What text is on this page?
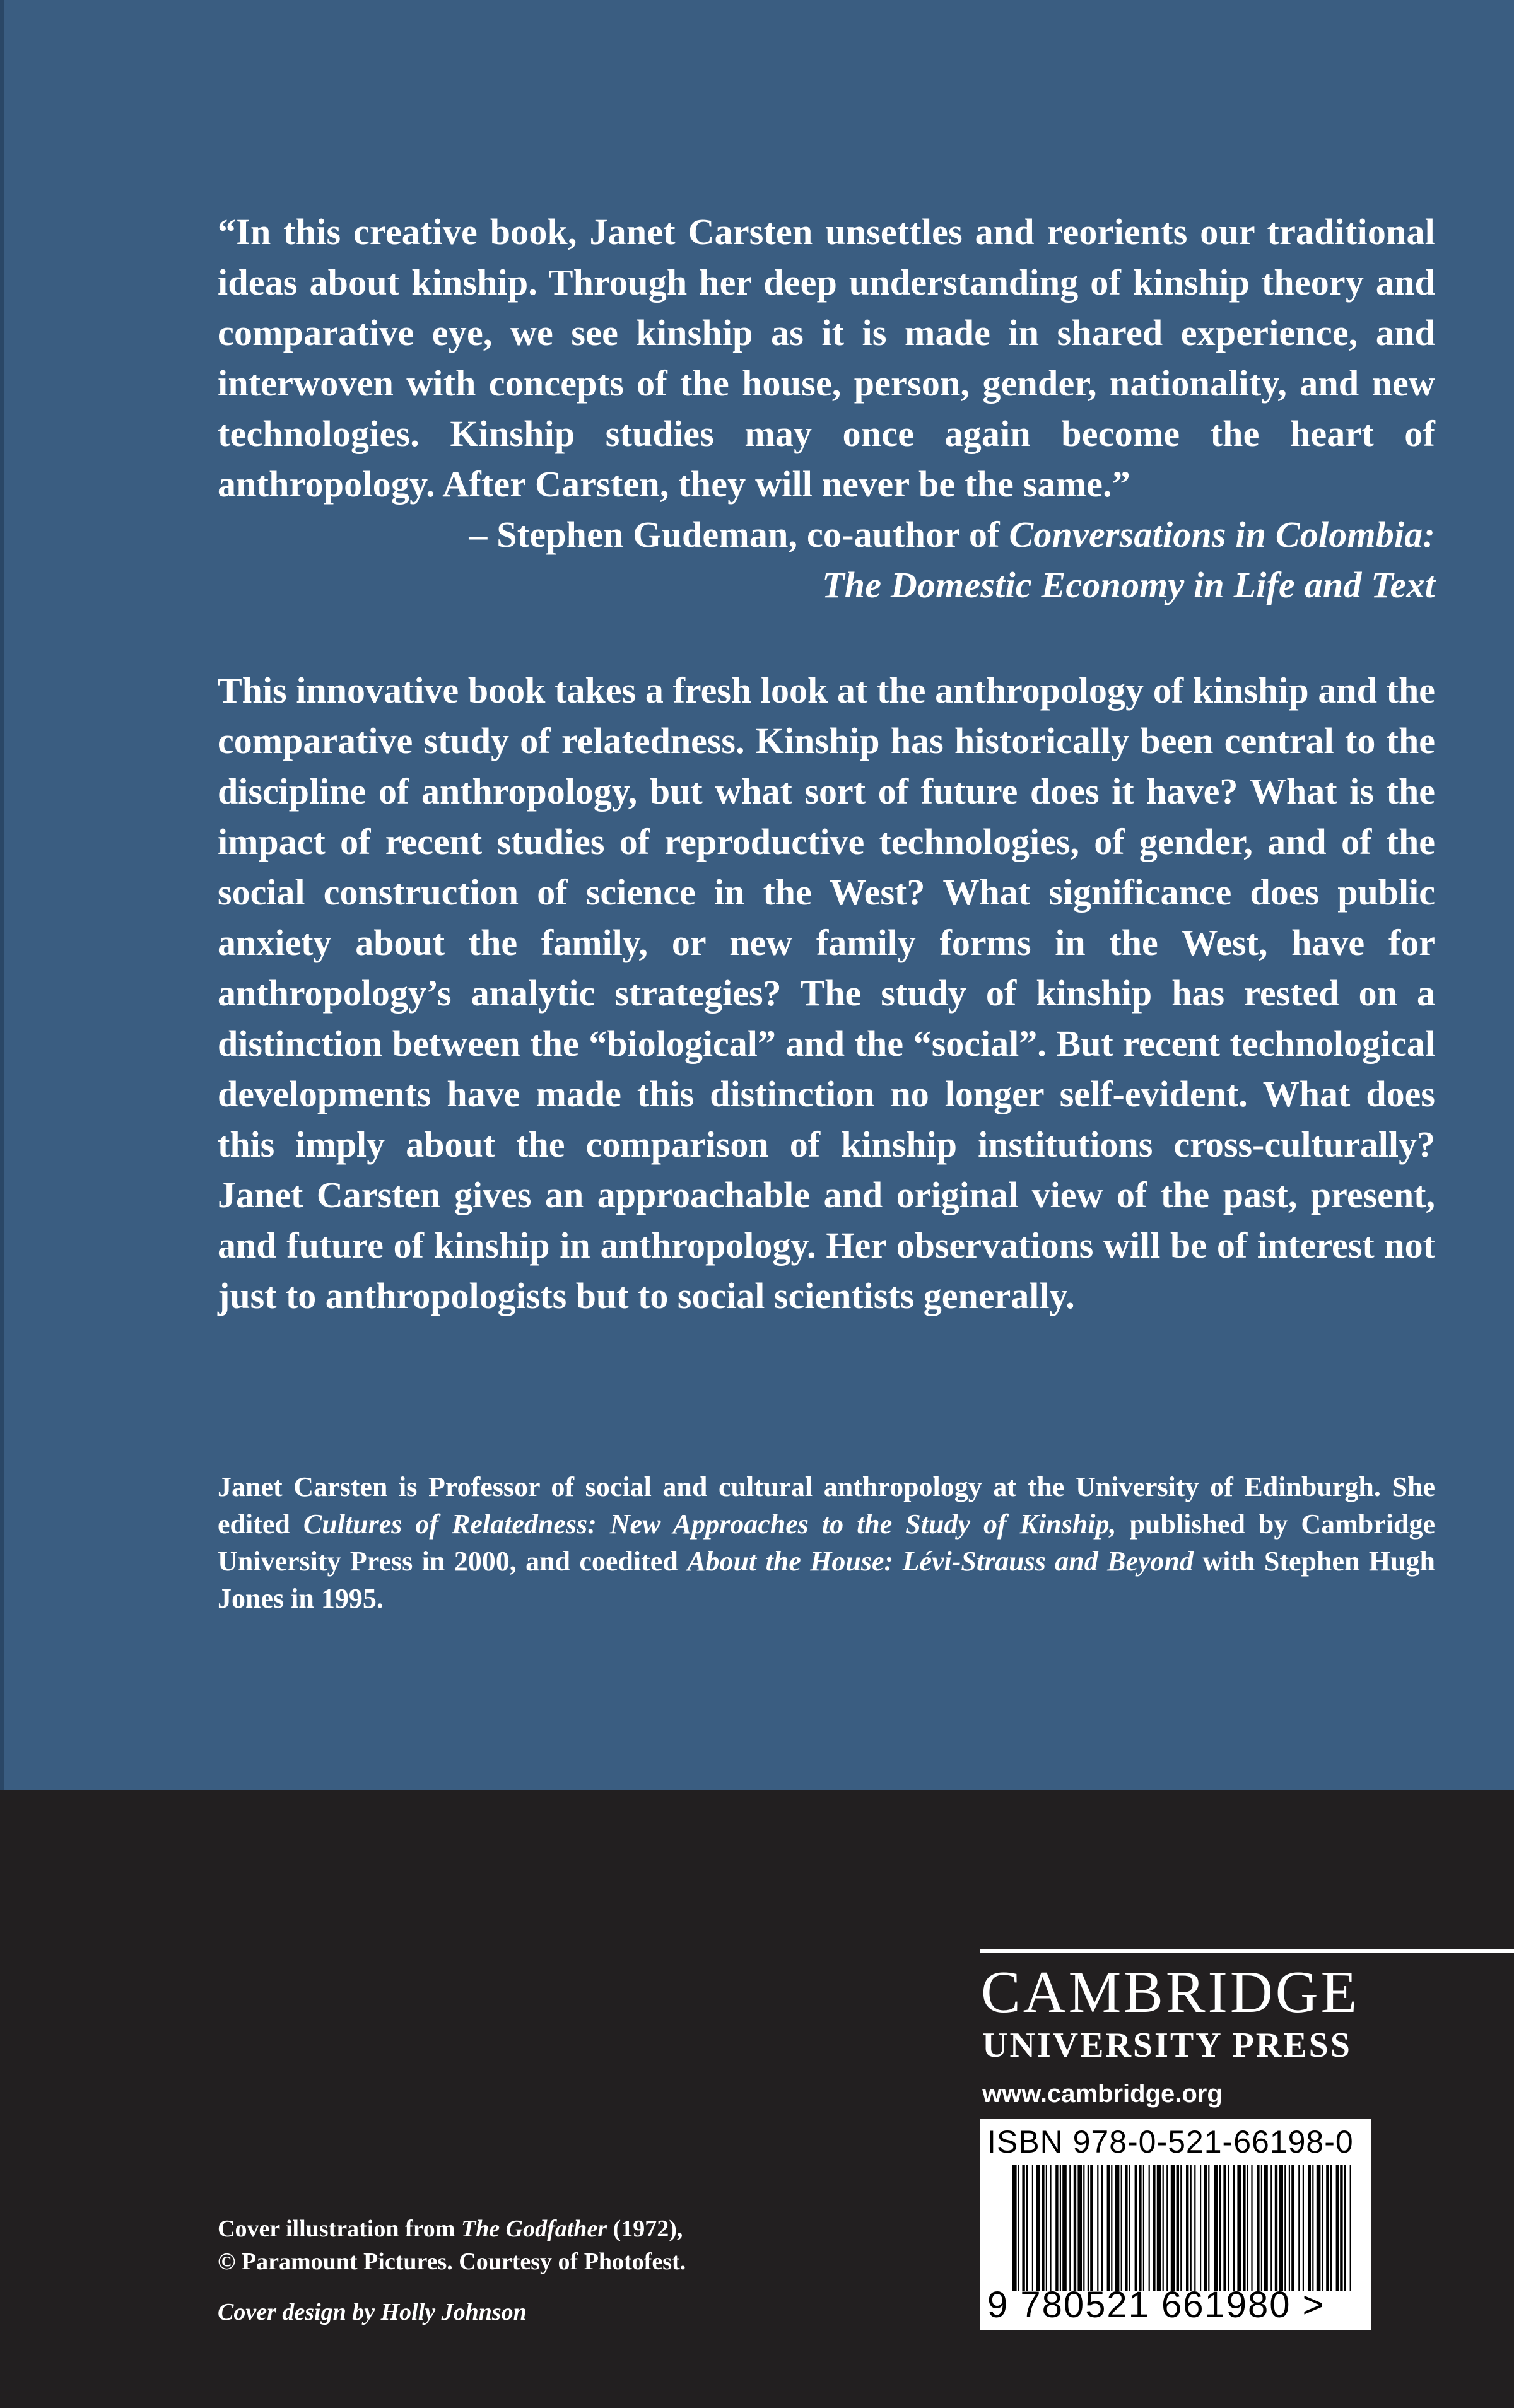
“In this creative book, Janet Carsten unsettles and reorients our traditional ideas about kinship. Through her deep understanding of kinship theory and comparative eye, we see kinship as it is made in shared experience, and interwoven with concepts of the house, person, gender, nationality, and new technologies. Kinship studies may once again become the heart of anthropology. After Carsten, they will never be the same.”

– Stephen Gudeman, co-author of Conversations in Colombia:
The Domestic Economy in Life and Text
This innovative book takes a fresh look at the anthropology of kinship and the comparative study of relatedness. Kinship has historically been central to the discipline of anthropology, but what sort of future does it have? What is the impact of recent studies of reproductive technologies, of gender, and of the social construction of science in the West? What significance does public anxiety about the family, or new family forms in the West, have for anthropology’s analytic strategies? The study of kinship has rested on a distinction between the “biological” and the “social”. But recent technological developments have made this distinction no longer self-evident. What does this imply about the comparison of kinship institutions cross-culturally? Janet Carsten gives an approachable and original view of the past, present, and future of kinship in anthropology. Her observations will be of interest not just to anthropologists but to social scientists generally.
Janet Carsten is Professor of social and cultural anthropology at the University of Edinburgh. She edited Cultures of Relatedness: New Approaches to the Study of Kinship, published by Cambridge University Press in 2000, and coedited About the House: Lévi-Strauss and Beyond with Stephen Hugh Jones in 1995.
Cover illustration from The Godfather (1972),
© Paramount Pictures. Courtesy of Photofest.
Cover design by Holly Johnson
CAMBRIDGE
UNIVERSITY PRESS
www.cambridge.org
ISBN 978-0-521-66198-0
9 780521 661980 >
